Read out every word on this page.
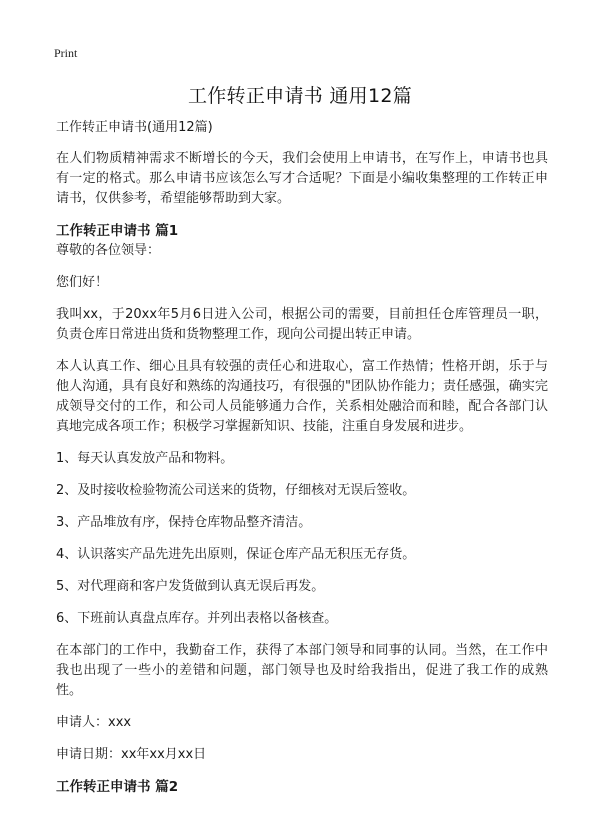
Print
工作转正申请书 通用12篇

工作转正申请书(通用12篇)

在人们物质精神需求不断增长的今天，我们会使用上申请书，在写作上，申请书也具有一定的格式。那么申请书应该怎么写才合适呢？下面是小编收集整理的工作转正申请书，仅供参考，希望能够帮助到大家。

工作转正申请书 篇1

尊敬的各位领导：

您们好！

我叫xx，于20xx年5月6日进入公司，根据公司的需要，目前担任仓库管理员一职，负责仓库日常进出货和货物整理工作，现向公司提出转正申请。

本人认真工作、细心且具有较强的责任心和进取心，富工作热情；性格开朗，乐于与他人沟通，具有良好和熟练的沟通技巧，有很强的"团队协作能力；责任感强，确实完成领导交付的工作，和公司人员能够通力合作，关系相处融洽而和睦，配合各部门认真地完成各项工作；积极学习掌握新知识、技能，注重自身发展和进步。

1、每天认真发放产品和物料。

2、及时接收检验物流公司送来的货物，仔细核对无误后签收。

3、产品堆放有序，保持仓库物品整齐清洁。

4、认识落实产品先进先出原则，保证仓库产品无积压无存货。

5、对代理商和客户发货做到认真无误后再发。

6、下班前认真盘点库存。并列出表格以备核查。

在本部门的工作中，我勤奋工作，获得了本部门领导和同事的认同。当然，在工作中我也出现了一些小的差错和问题，部门领导也及时给我指出，促进了我工作的成熟性。

申请人：xxx

申请日期：xx年xx月xx日

工作转正申请书 篇2
